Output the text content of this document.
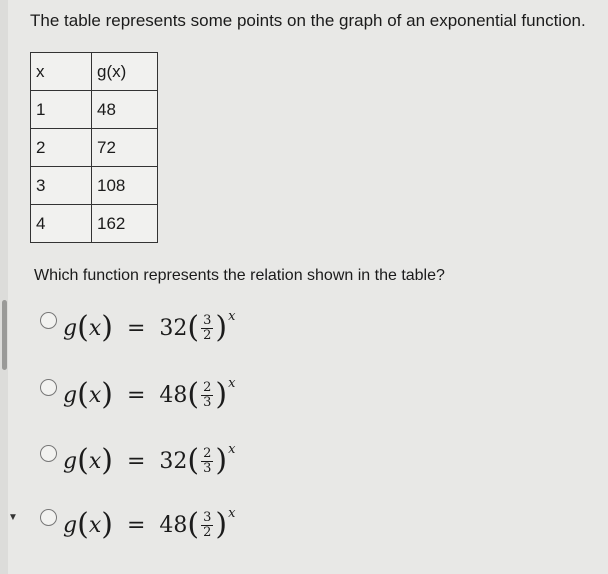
The table represents some points on the graph of an exponential function.
x	g(x)
1	48
2	72
3	108
4	162
Which function represents the relation shown in the table?
g ( x ) = 32 ( $\frac{3}{2}$ ) x
g ( x ) = 48 ( $\frac{2}{3}$ ) x
g ( x ) = 32 ( $\frac{2}{3}$ ) x
g ( x ) = 48 ( $\frac{3}{2}$ ) x
▼
